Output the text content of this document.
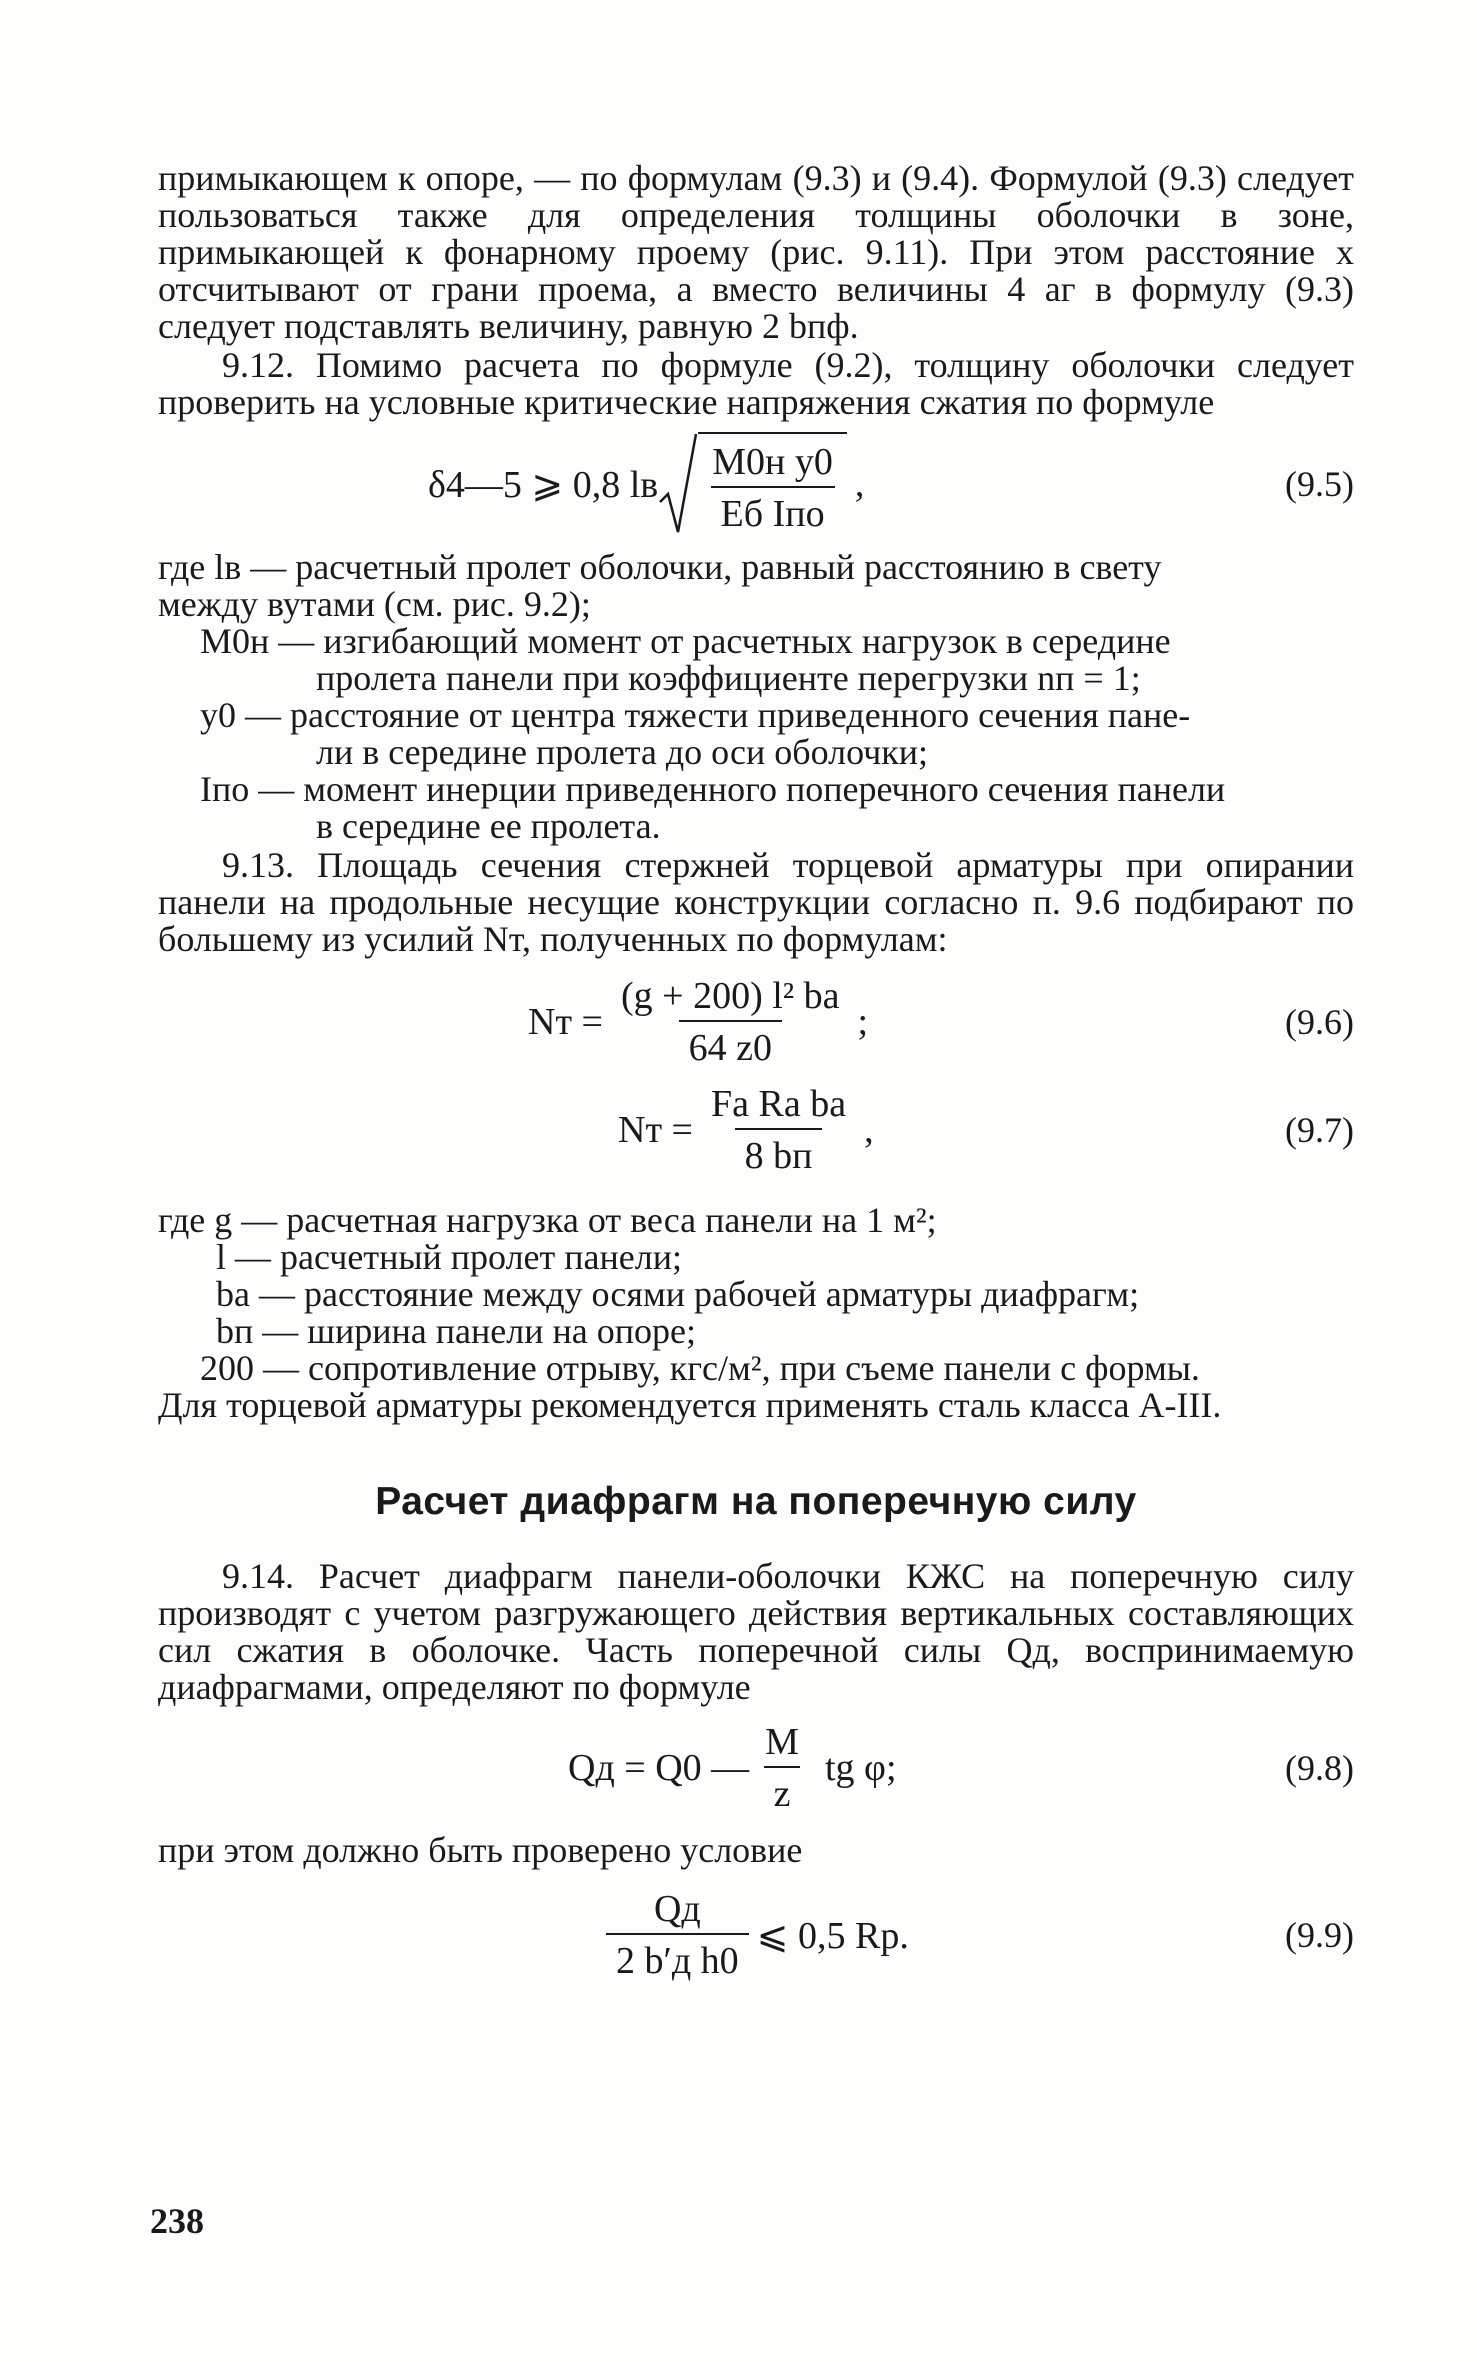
примыкающем к опоре, — по формулам (9.3) и (9.4). Формулой (9.3) следует пользоваться также для определения толщины оболочки в зоне, примыкающей к фонарному проему (рис. 9.11). При этом расстояние x отсчитывают от грани проема, а вместо величины 4 aг в формулу (9.3) следует подставлять величину, равную 2 bпф.

9.12. Помимо расчета по формуле (9.2), толщину оболочки следует проверить на условные критические напряжения сжатия по формуле

δ4—5 ⩾ 0,8 lв $\frac{\text{M0н y0}}{\text{Eб Iпо}}$ ,	(9.5)
где lв —
расчетный пролет оболочки, равный расстоянию в свету
между вутами (см. рис. 9.2);
M0н —
изгибающий момент от расчетных нагрузок в середине
пролета панели при коэффициенте перегрузки nп = 1;
y0 —
расстояние от центра тяжести приведенного сечения пане-
ли в середине пролета до оси оболочки;
Iпо —
момент инерции приведенного поперечного сечения панели
в середине ее пролета.

9.13. Площадь сечения стержней торцевой арматуры при опирании панели на продольные несущие конструкции согласно п. 9.6 подбирают по большему из усилий Nт, полученных по формулам:

Nт = $\frac{\text{(g + 200) l² bа}}{64 z0}$ ;	(9.6)
Nт = $\frac{\text{Fа Rа bа}}{8 bп}$ ,	(9.7)
где g —
расчетная нагрузка от веса панели на 1 м²;
l —
расчетный пролет панели;
bа —
расстояние между осями рабочей арматуры диафрагм;
bп —
ширина панели на опоре;
200 —
сопротивление отрыву, кгс/м², при съеме панели с формы.

Для торцевой арматуры рекомендуется применять сталь класса А-III.

Расчет диафрагм на поперечную силу

9.14. Расчет диафрагм панели-оболочки КЖС на поперечную силу производят с учетом разгружающего действия вертикальных составляющих сил сжатия в оболочке. Часть поперечной силы Qд, воспринимаемую диафрагмами, определяют по формуле

Qд = Q0 — $\frac{M}{z}$ tg φ;	(9.8)

при этом должно быть проверено условие

$\frac{Qд}{\text{2 b′д h0}}$ ⩽ 0,5 Rр.	(9.9)
238
